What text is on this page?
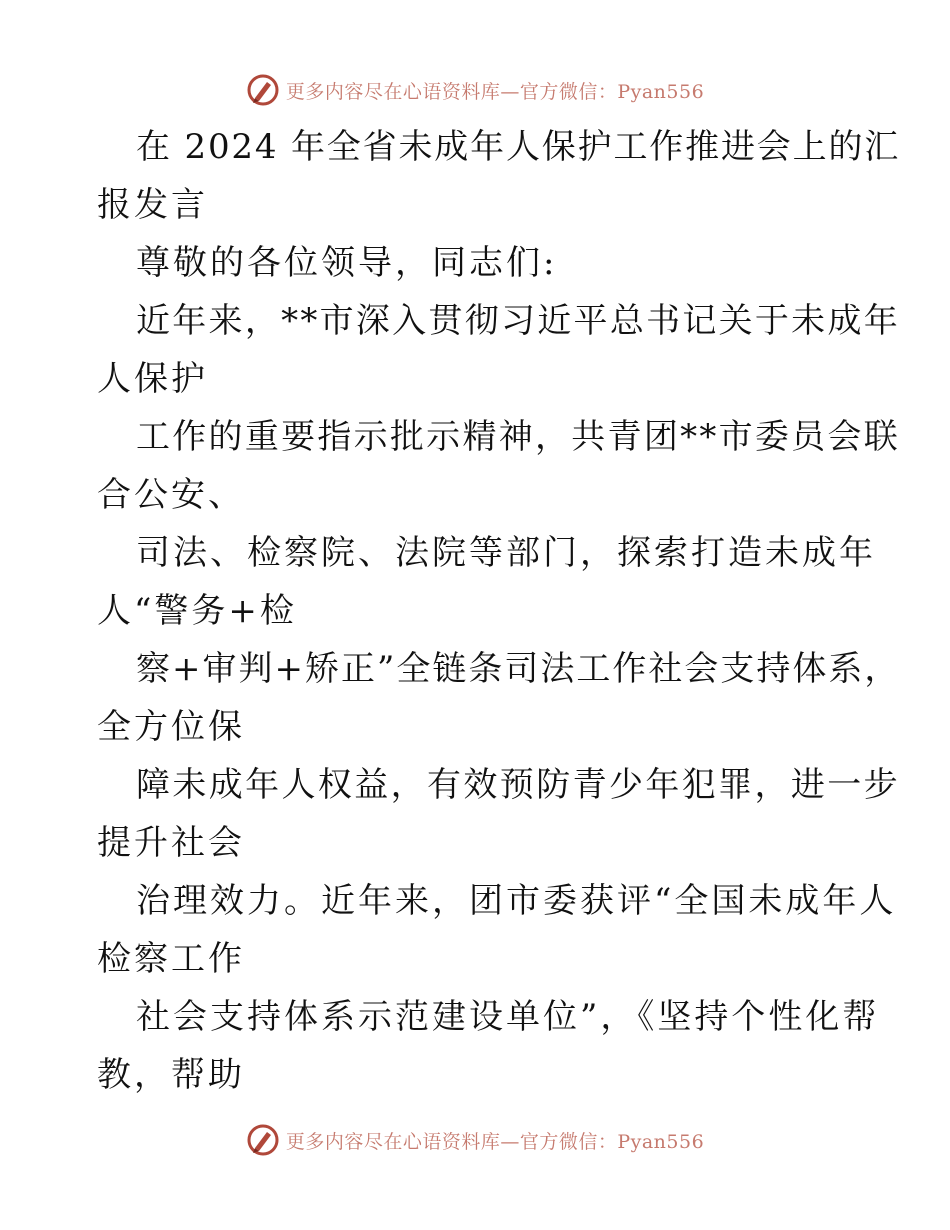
更多内容尽在心语资料库—官方微信：Pyan556
在 2024 年全省未成年人保护工作推进会上的汇
报发言
尊敬的各位领导，同志们:
近年来，**市深入贯彻习近平总书记关于未成年
人保护
工作的重要指示批示精神，共青团**市委员会联
合公安、
司法、检察院、法院等部门，探索打造未成年
人“警务+检
察+审判+矫正”全链条司法工作社会支持体系，
全方位保
障未成年人权益，有效预防青少年犯罪，进一步
提升社会
治理效力。近年来，团市委获评“全国未成年人
检察工作
社会支持体系示范建设单位”，《坚持个性化帮
教，帮助
更多内容尽在心语资料库—官方微信：Pyan556
